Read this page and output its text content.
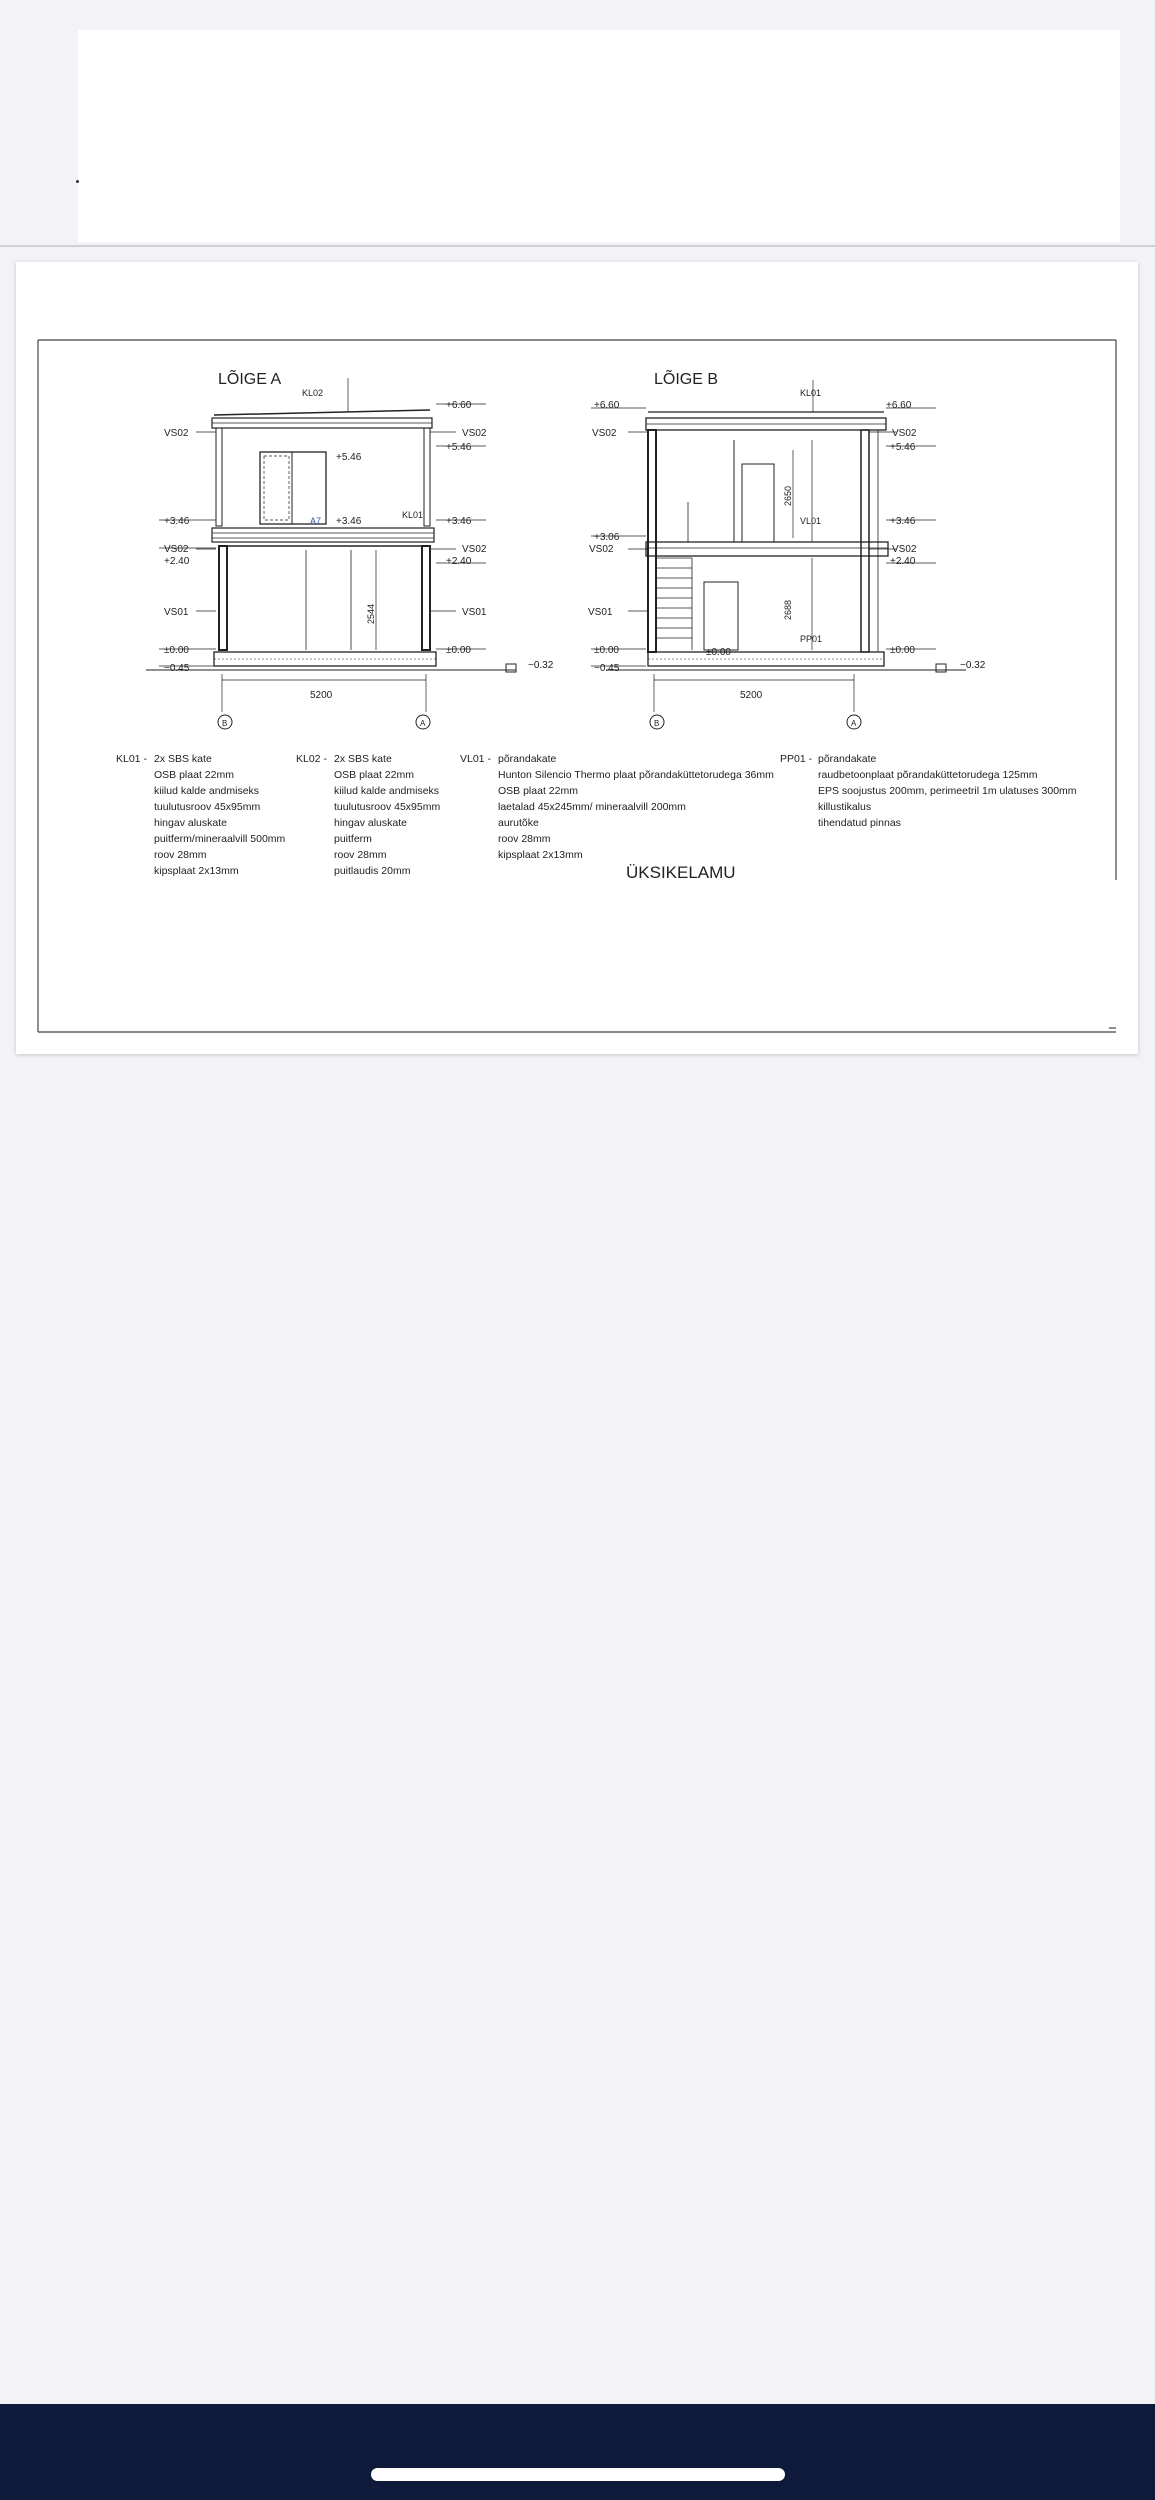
LÕIGE A
KL02
+6.60
+5.46
+5.46
+3.46	+3.46	+3.46
+2.40	+2.40
±0.00	±0.00
−0.45	−0.32
VS02	VS02
VS02	VS02
VS01	VS01
KL01
A7
2544
5200
B	A
LÕIGE B
KL01
+6.60	+6.60
+5.46
+3.46
+3.06
+2.40
±0.00	±0.00	±0.00
−0.45	−0.32
VS02	VS02
VS02	VS02
VS01
VL01
PP01
2650
2688
5200
B	A
KL01 - 2x SBS kate
OSB plaat 22mm
kiilud kalde andmiseks
tuulutusroov 45x95mm
hingav aluskate
puitferm/mineraalvill 500mm
roov 28mm
kipsplaat 2x13mm
KL02 - 2x SBS kate
OSB plaat 22mm
kiilud kalde andmiseks
tuulutusroov 45x95mm
hingav aluskate
puitferm
roov 28mm
puitlaudis 20mm
VL01 - põrandakate
Hunton Silencio Thermo plaat põrandaküttetorudega 36mm
OSB plaat 22mm
laetalad 45x245mm/ mineraalvill 200mm
aurutõke
roov 28mm
kipsplaat 2x13mm
PP01 - põrandakate
raudbetoonplaat põrandaküttetorudega 125mm
EPS soojustus 200mm, perimeetril 1m ulatuses 300mm
killustikalus
tihendatud pinnas
ÜKSIKELAMU
